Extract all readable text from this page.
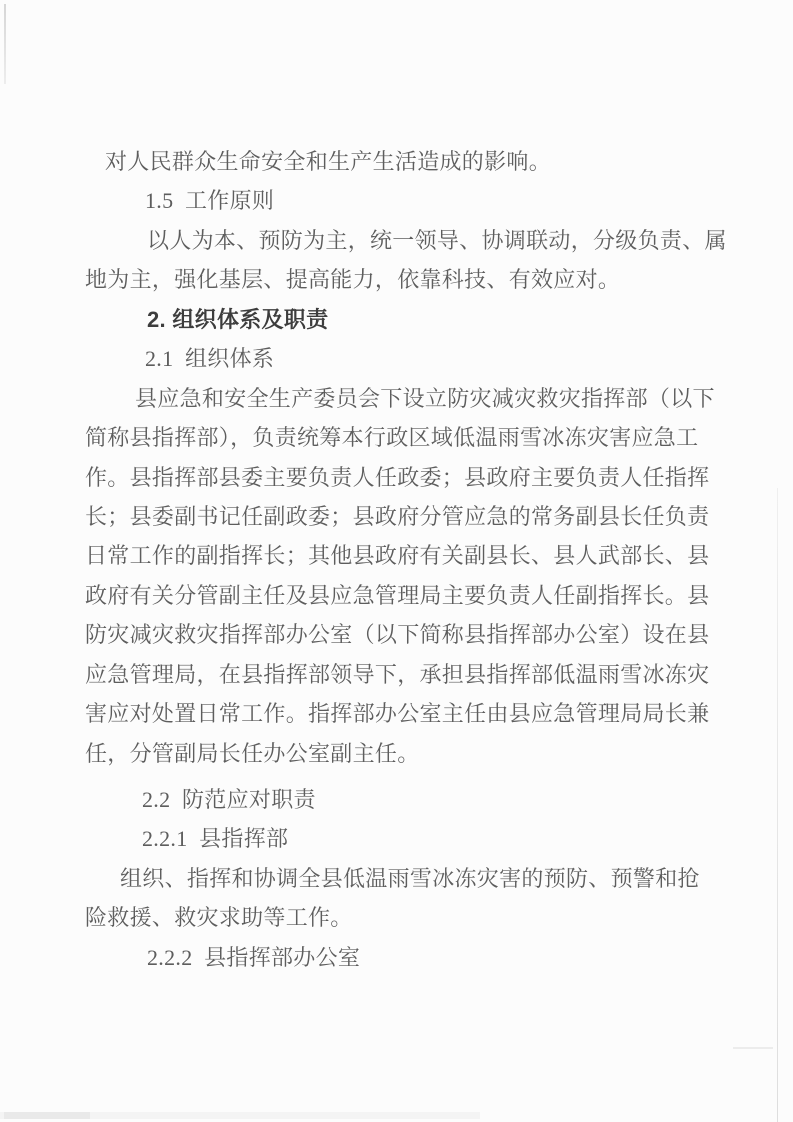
对人民群众生命安全和生产生活造成的影响。
1.5  工作原则
以人为本、预防为主，统一领导、协调联动，分级负责、属
地为主，强化基层、提高能力，依靠科技、有效应对。
2. 组织体系及职责
2.1  组织体系
县应急和安全生产委员会下设立防灾减灾救灾指挥部（以下
简称县指挥部），负责统筹本行政区域低温雨雪冰冻灾害应急工
作。县指挥部县委主要负责人任政委；县政府主要负责人任指挥
长；县委副书记任副政委；县政府分管应急的常务副县长任负责
日常工作的副指挥长；其他县政府有关副县长、县人武部长、县
政府有关分管副主任及县应急管理局主要负责人任副指挥长。县
防灾减灾救灾指挥部办公室（以下简称县指挥部办公室）设在县
应急管理局，在县指挥部领导下，承担县指挥部低温雨雪冰冻灾
害应对处置日常工作。指挥部办公室主任由县应急管理局局长兼
任，分管副局长任办公室副主任。
2.2  防范应对职责
2.2.1  县指挥部
组织、指挥和协调全县低温雨雪冰冻灾害的预防、预警和抢
险救援、救灾求助等工作。
2.2.2  县指挥部办公室
